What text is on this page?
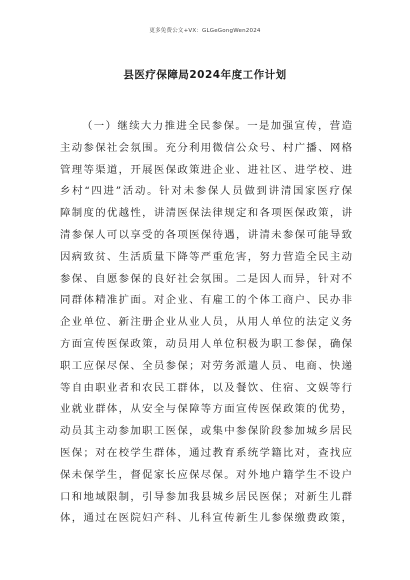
更多免费公文+VX：GLGeGongWen2024
县医疗保障局2024年度工作计划
（一）继续大力推进全民参保。一是加强宣传，营造
主动参保社会氛围。充分利用微信公众号、村广播、网格
管理等渠道，开展医保政策进企业、进社区、进学校、进
乡村“四进”活动。针对未参保人员做到讲清国家医疗保
障制度的优越性，讲清医保法律规定和各项医保政策，讲
清参保人可以享受的各项医保待遇，讲清未参保可能导致
因病致贫、生活质量下降等严重危害，努力营造全民主动
参保、自愿参保的良好社会氛围。二是因人而异，针对不
同群体精准扩面。对企业、有雇工的个体工商户、民办非
企业单位、新注册企业从业人员，从用人单位的法定义务
方面宣传医保政策，动员用人单位积极为职工参保，确保
职工应保尽保、全员参保；对劳务派遣人员、电商、快递
等自由职业者和农民工群体，以及餐饮、住宿、文娱等行
业就业群体，从安全与保障等方面宣传医保政策的优势，
动员其主动参加职工医保，或集中参保阶段参加城乡居民
医保；对在校学生群体，通过教育系统学籍比对，查找应
保未保学生，督促家长应保尽保。对外地户籍学生不设户
口和地域限制，引导参加我县城乡居民医保；对新生儿群
体，通过在医院妇产科、儿科宣传新生儿参保缴费政策，
